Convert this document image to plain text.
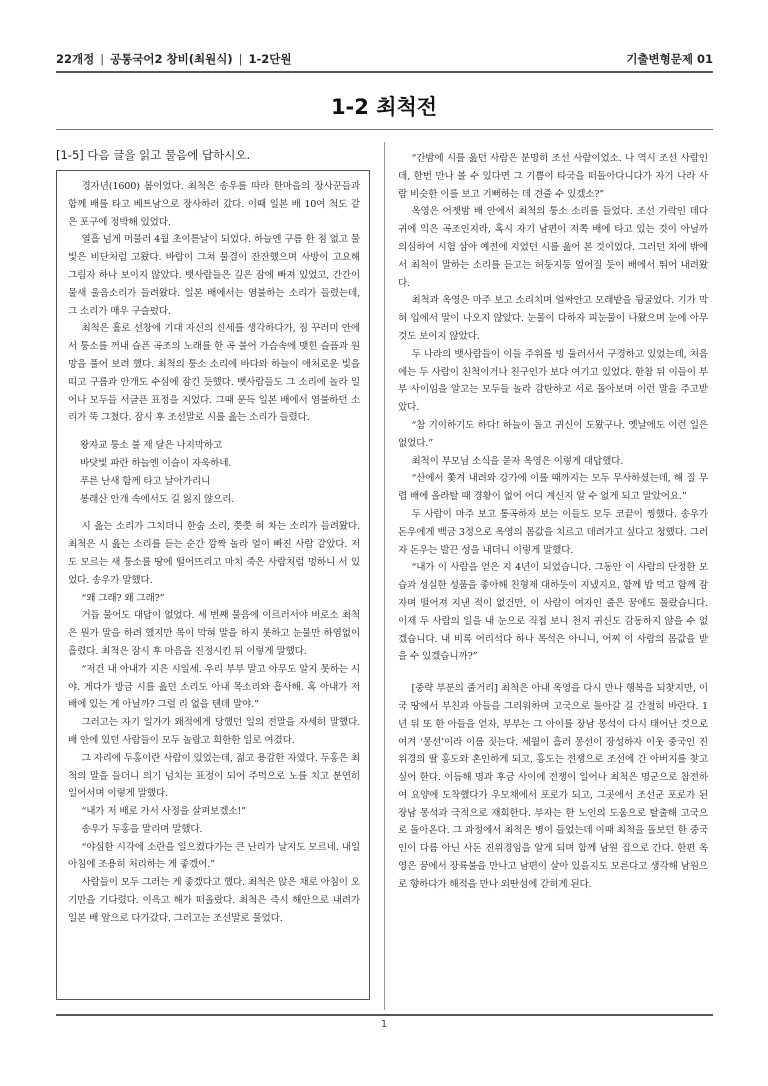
22개정 | 공통국어2 창비(최원식) | 1-2단원	기출변형문제 01
1-2 최척전
[1-5] 다음 글을 읽고 물음에 답하시오.

경자년(1600) 봄이었다. 최척은 송우를 따라 한마을의 장사꾼들과 함께 배를 타고 베트남으로 장사하러 갔다. 이때 일본 배 10여 척도 같은 포구에 정박해 있었다.

열흘 넘게 머물러 4월 초이튿날이 되었다. 하늘엔 구름 한 점 없고 물빛은 비단처럼 고왔다. 바람이 그쳐 물결이 잔잔했으며 사방이 고요해 그림자 하나 보이지 않았다. 뱃사람들은 깊은 잠에 빠져 있었고, 간간이 물새 울음소리가 들려왔다. 일본 배에서는 염불하는 소리가 들렸는데, 그 소리가 매우 구슬펐다.

최척은 홀로 선창에 기대 자신의 신세를 생각하다가, 짐 꾸러미 안에서 퉁소를 꺼내 슬픈 곡조의 노래를 한 곡 불어 가슴속에 맺힌 슬픔과 원망을 풀어 보려 했다. 최척의 퉁소 소리에 바다와 하늘이 애처로운 빛을 띠고 구름과 안개도 수심에 잠긴 듯했다. 뱃사람들도 그 소리에 놀라 일어나 모두들 서글픈 표정을 지었다. 그때 문득 일본 배에서 염불하던 소리가 뚝 그쳤다. 잠시 후 조선말로 시를 읊는 소리가 들렸다.

왕자교 퉁소 불 제 달은 나지막하고

바닷빛 파란 하늘엔 이슬이 자욱하네.

푸른 난새 함께 타고 날아가리니

봉래산 안개 속에서도 길 잃지 않으리.

시 읊는 소리가 그치더니 한숨 소리, 쯧쯧 혀 차는 소리가 들려왔다. 최척은 시 읊는 소리를 듣는 순간 깜짝 놀라 얼이 빠진 사람 같았다. 저도 모르는 새 퉁소를 땅에 떨어뜨리고 마치 죽은 사람처럼 멍하니 서 있었다. 송우가 말했다.

“왜 그래? 왜 그래?”

거듭 물어도 대답이 없었다. 세 번째 물음에 이르러서야 비로소 최척은 뭔가 말을 하려 했지만 목이 막혀 말을 하지 못하고 눈물만 하염없이 흘렸다. 최척은 잠시 후 마음을 진정시킨 뒤 이렇게 말했다.

“저건 내 아내가 지은 시일세. 우리 부부 말고 아무도 알지 못하는 시야. 게다가 방금 시를 읊던 소리도 아내 목소리와 흡사해. 혹 아내가 저 배에 있는 게 아닐까? 그럴 리 없을 텐데 말야.”

그러고는 자기 일가가 왜적에게 당했던 일의 전말을 자세히 말했다. 배 안에 있던 사람들이 모두 놀랍고 희한한 일로 여겼다.

그 자리에 두홍이란 사람이 있었는데, 젊고 용감한 자였다. 두홍은 최척의 말을 들더니 의기 넘치는 표정이 되어 주먹으로 노를 치고 분연히 일어서며 이렇게 말했다.

“내가 저 배로 가서 사정을 살펴보겠소!”

송우가 두홍을 말리며 말했다.

“야심한 시각에 소란을 일으켰다가는 큰 난리가 날지도 모르네. 내일 아침에 조용히 처리하는 게 좋겠어.”

사람들이 모두 그러는 게 좋겠다고 했다. 최척은 앉은 채로 아침이 오기만을 기다렸다. 이윽고 해가 떠올랐다. 최척은 즉시 해안으로 내려가 일본 배 앞으로 다가갔다. 그러고는 조선말로 물었다.

“간밤에 시를 읊던 사람은 분명히 조선 사람이었소. 나 역시 조선 사람인데, 한번 만나 볼 수 있다면 그 기쁨이 타국을 떠돌아다니다가 자기 나라 사람 비슷한 이를 보고 기뻐하는 데 견줄 수 있겠소?”

옥영은 어젯밤 배 안에서 최척의 퉁소 소리를 들었다. 조선 가락인 데다 귀에 익은 곡조인지라, 혹시 자기 남편이 저쪽 배에 타고 있는 것이 아닐까 의심하여 시험 삼아 예전에 지었던 시를 읊어 본 것이었다. 그러던 차에 밖에서 최척이 말하는 소리를 듣고는 허둥지둥 엎어질 듯이 배에서 뛰어 내려왔다.

최척과 옥영은 마주 보고 소리치며 얼싸안고 모래밭을 뒹굴었다. 기가 막혀 입에서 말이 나오지 않았다. 눈물이 다하자 피눈물이 나왔으며 눈에 아무것도 보이지 않았다.

두 나라의 뱃사람들이 이들 주위를 빙 둘러서서 구경하고 있었는데, 처음에는 두 사람이 친척이거나 친구인가 보다 여기고 있었다. 한참 뒤 이들이 부부 사이임을 알고는 모두들 놀라 감탄하고 서로 돌아보며 이런 말을 주고받았다.

“참 기이하기도 하다! 하늘이 돕고 귀신이 도왔구나. 옛날에도 이런 일은 없었다.”

최척이 부모님 소식을 묻자 옥영은 이렇게 대답했다.

“산에서 쫓겨 내려와 강가에 이를 때까지는 모두 무사하셨는데, 해 질 무렵 배에 올라탈 때 경황이 없어 어디 계신지 알 수 없게 되고 말았어요.”

두 사람이 마주 보고 통곡하자 보는 이들도 모두 코끝이 찡했다. 송우가 돈우에게 백금 3정으로 옥영의 몸값을 치르고 데려가고 싶다고 청했다. 그러자 돈우는 발끈 성을 내더니 이렇게 말했다.

“내가 이 사람을 얻은 지 4년이 되었습니다. 그동안 이 사람의 단정한 모습과 성실한 성품을 좋아해 친형제 대하듯이 지냈지요. 함께 밥 먹고 함께 잠자며 떨어져 지낸 적이 없건만, 이 사람이 여자인 줄은 꿈에도 몰랐습니다. 이제 두 사람의 일을 내 눈으로 직접 보니 천지 귀신도 감동하지 않을 수 없겠습니다. 내 비록 어리석다 하나 목석은 아니니, 어찌 이 사람의 몸값을 받을 수 있겠습니까?”

[중략 부분의 줄거리] 최척은 아내 옥영을 다시 만나 행복을 되찾지만, 이국 땅에서 부친과 아들을 그리워하며 고국으로 돌아갈 길 간절히 바란다. 1년 뒤 또 한 아들을 얻자, 부부는 그 아이를 장남 몽석이 다시 태어난 것으로 여겨 ‘몽선’이라 이름 짓는다. 세월이 흘러 몽선이 장성하자 이웃 중국인 진위경의 딸 홍도와 혼인하게 되고, 홍도는 전쟁으로 조선에 간 아버지를 찾고 싶어 한다. 이듬해 명과 후금 사이에 전쟁이 일어나 최척은 명군으로 참전하여 요양에 도착했다가 우모채에서 포로가 되고, 그곳에서 조선군 포로가 된 장남 몽석과 극적으로 재회한다. 부자는 한 노인의 도움으로 탈출해 고국으로 돌아온다. 그 과정에서 최척은 병이 들었는데 이때 최척을 돌보던 한 중국인이 다름 아닌 사돈 진위경임을 알게 되며 함께 남원 집으로 간다. 한편 옥영은 꿈에서 장륙불을 만나고 남편이 살아 있을지도 모른다고 생각해 남원으로 향하다가 해적을 만나 외딴섬에 갇히게 된다.

1
